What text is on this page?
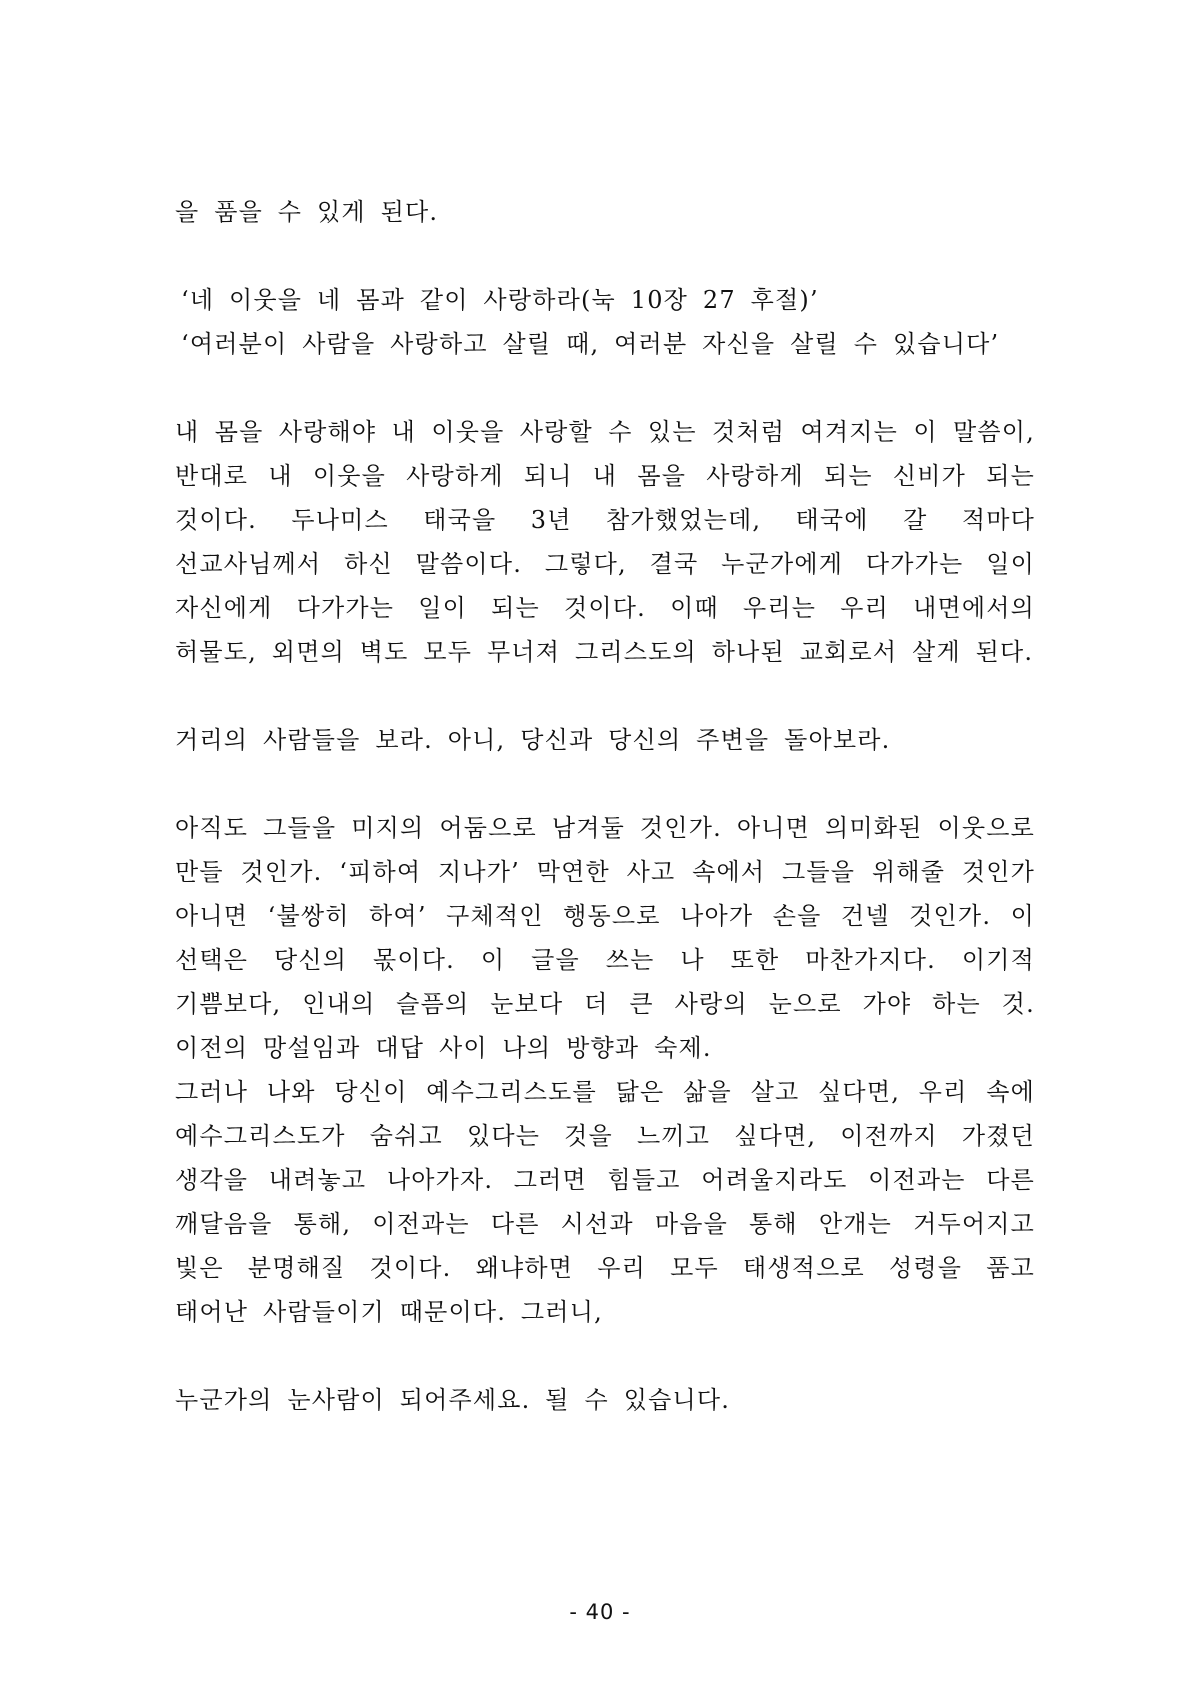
을 품을 수 있게 된다.

‘네 이웃을 네 몸과 같이 사랑하라(눅 10장 27 후절)’

‘여러분이 사람을 사랑하고 살릴 때, 여러분 자신을 살릴 수 있습니다’

내 몸을 사랑해야 내 이웃을 사랑할 수 있는 것처럼 여겨지는 이 말씀이, 반대로 내 이웃을 사랑하게 되니 내 몸을 사랑하게 되는 신비가 되는 것이다. 두나미스 태국을 3년 참가했었는데, 태국에 갈 적마다 선교사님께서 하신 말씀이다. 그렇다, 결국 누군가에게 다가가는 일이 자신에게 다가가는 일이 되는 것이다. 이때 우리는 우리 내면에서의 허물도, 외면의 벽도 모두 무너져 그리스도의 하나된 교회로서 살게 된다.

거리의 사람들을 보라. 아니, 당신과 당신의 주변을 돌아보라.

아직도 그들을 미지의 어둠으로 남겨둘 것인가. 아니면 의미화된 이웃으로 만들 것인가. ‘피하여 지나가’ 막연한 사고 속에서 그들을 위해줄 것인가 아니면 ‘불쌍히 하여’ 구체적인 행동으로 나아가 손을 건넬 것인가. 이 선택은 당신의 몫이다. 이 글을 쓰는 나 또한 마찬가지다. 이기적 기쁨보다, 인내의 슬픔의 눈보다 더 큰 사랑의 눈으로 가야 하는 것. 이전의 망설임과 대답 사이 나의 방향과 숙제.

그러나 나와 당신이 예수그리스도를 닮은 삶을 살고 싶다면, 우리 속에 예수그리스도가 숨쉬고 있다는 것을 느끼고 싶다면, 이전까지 가졌던 생각을 내려놓고 나아가자. 그러면 힘들고 어려울지라도 이전과는 다른 깨달음을 통해, 이전과는 다른 시선과 마음을 통해 안개는 거두어지고 빛은 분명해질 것이다. 왜냐하면 우리 모두 태생적으로 성령을 품고 태어난 사람들이기 때문이다. 그러니,

누군가의 눈사람이 되어주세요. 될 수 있습니다.

- 40 -
